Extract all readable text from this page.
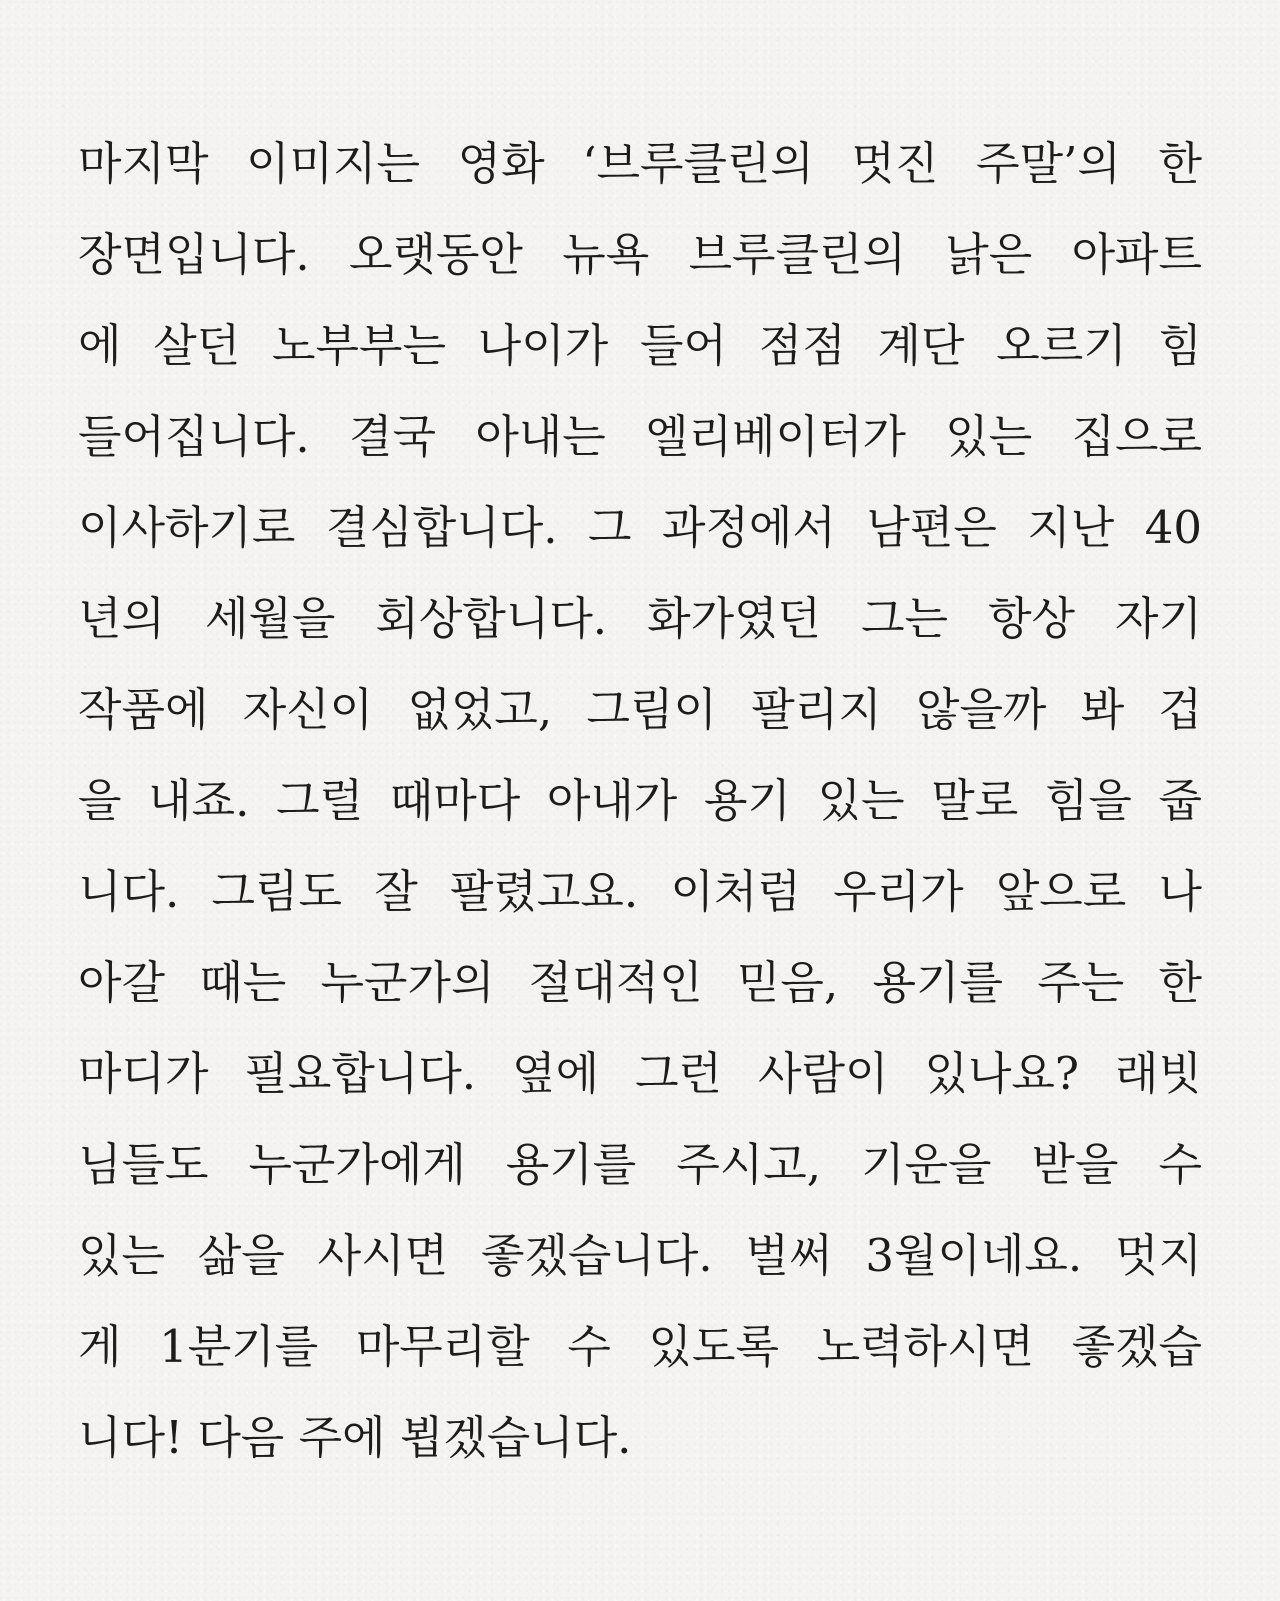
마지막 이미지는 영화 ‘브루클린의 멋진 주말’의 한
장면입니다. 오랫동안 뉴욕 브루클린의 낡은 아파트
에 살던 노부부는 나이가 들어 점점 계단 오르기 힘
들어집니다. 결국 아내는 엘리베이터가 있는 집으로
이사하기로 결심합니다. 그 과정에서 남편은 지난 40
년의 세월을 회상합니다. 화가였던 그는 항상 자기
작품에 자신이 없었고, 그림이 팔리지 않을까 봐 겁
을 내죠. 그럴 때마다 아내가 용기 있는 말로 힘을 줍
니다. 그림도 잘 팔렸고요. 이처럼 우리가 앞으로 나
아갈 때는 누군가의 절대적인 믿음, 용기를 주는 한
마디가 필요합니다. 옆에 그런 사람이 있나요? 래빗
님들도 누군가에게 용기를 주시고, 기운을 받을 수
있는 삶을 사시면 좋겠습니다. 벌써 3월이네요. 멋지
게 1분기를 마무리할 수 있도록 노력하시면 좋겠습
니다! 다음 주에 뵙겠습니다.
